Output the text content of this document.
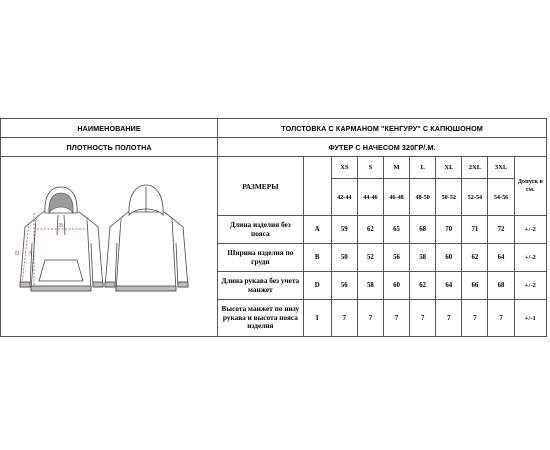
НАИМЕНОВАНИЕ	ТОЛСТОВКА С КАРМАНОМ "КЕНГУРУ" С КАПЮШОНОМ									
ПЛОТНОСТЬ ПОЛОТНА	ФУТЕР С НАЧЕСОМ 320ГР/.М.									

A
B
D	РАЗМЕРЫ		XS	S	M	L	XL	2XL	3XL	Допуск в см.
			42-44	44-46	46-48	48-50	50-52	52-54	54-56	
	Длина изделия без пояса	A	59	62	65	68	70	71	72	+/-2
	Ширина изделия по груди	B	50	52	56	58	60	62	64	+/-2
	Длина рукава без учета манжет	D	56	58	60	62	64	66	68	+/-2
	Высота манжет по низу рукава и высота пояса изделия	I	7	7	7	7	7	7	7	+/-1
